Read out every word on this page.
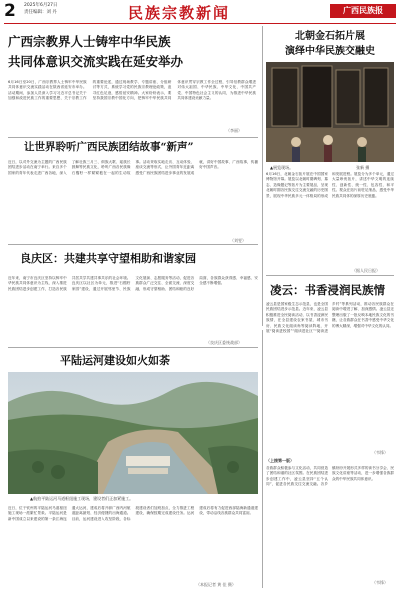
2 2025年6月27日
责任编辑：刘 丹	民族宗教新闻	广西民族报
广西宗教界人士铸牢中华民族
共同体意识交流实践在延安举办
6月16日至20日，广西宗教界人士铸牢中华民族共同体意识交流实践活动在陕西省延安市举办。活动期间，参加人员深入学习习近平总书记关于加强和改进民族工作的重要思想、关于宗教工作的重要论述，通过现场教学、专题讲座、分组研讨等方式，系统学习党的民族宗教理论政策，追寻红色足迹，感悟延安精神。大家纷纷表示，要坚持我国宗教中国化方向，把铸牢中华民族共同体意识贯穿宗教工作全过程，引导信教群众增进对伟大祖国、中华民族、中华文化、中国共产党、中国特色社会主义的认同，为推进中华民族共同体建设贡献力量。
（李丽）
北朝金石拓片展
演绎中华民族交融史
▲展览现场。	张新 摄
6月16日，北朝金石拓片展在中国国家博物馆开幕。展览以北朝时期碑刻、墓志、造像题记等拓片为主要展品，呈现北朝时期各民族交往交流交融的历史图景，展现中华民族多元一体格局的形成和发展进程。展览分为多个单元，通过大量珍贵拓片，讲述中华文明的连续性、创新性、统一性、包容性、和平性。观众在拓片前驻足细品，感受中华民族共同体的深厚历史底蕴。
（据人民日报）
让世界聆听广西民族团结故事“新声”
近日，以对外交流为主题的广西民族团结进步活动在南宁举行。来自多个国家的青年代表走进广西各地，深入了解壮族三月三、侗族大歌、瑶族长鼓舞等民族文化，聆听广西各民族像石榴籽一样紧紧抱在一起的生动故事。活动采取实地走访、互动体验、座谈交流等形式，让外国青年近距离感受广西民族团结进步事业的发展成就，讲好中国故事、广西故事，传播好中国声音。
（刘雯）
良庆区：共建共享守望相助和谐家园
近年来，南宁市良庆区坚持以铸牢中华民族共同体意识为主线，深入推进民族团结进步创建工作，打造各民族共居共学共建共事共乐的社会环境。良庆区以社区为单元，推进“石榴籽家园”建设，通过开展邻里节、民族文化展演、志愿服务等活动，促进各族群众广泛交往、全面交流、深度交融，形成守望相助、团结和睦的良好局面，各族群众获得感、幸福感、安全感不断增强。
（良庆区委统战部）
平陆运河建设如火如荼
▲航拍平陆运河马道枢纽施工现场，建设者们正加紧施工。
近日，位于钦州的平陆运河马道枢纽施工现场一派繁忙景象。平陆运河是新中国成立以来建设的第一条江海连通大运河，建成后将开辟广西内河航道距离最短、经济便捷的出海通道。目前，运河建设进入攻坚阶段，各标段建设者们加班加点，全力推进工程建设，确保按期完成建设任务。运河建成后将有力促进西部陆海新通道建设，带动沿线各族群众共同富裕。
（本报记者 黄 佳 摄）
凌云：书香浸润民族情
凌云县是国家级生态示范县，也是全国民族团结进步示范县。近年来，凌云县积极推进全民阅读活动，以书香浸润民族情，在全县建设农家书屋、城市书房、民族文化阅读角等阅读阵地，开展“阅读进校园”“阅读进社区”“阅读进乡村”等系列活动，推动各民族群众在阅读中增进了解、加深感情。凌云县还整理出版了一批反映本地民族文化的书籍，让各族群众在书香中感受中华文化的博大精深，增强对中华文化的认同。
（韦锋）
（上接第一版）
各族群众积极参与文化活动，共同营造了团结和谐的社区氛围。在民族团结进步创建工作中，凌云县坚持“五个认同”，促进各民族交往交流交融。各乡镇纷纷开展形式多样的读书分享会、民族文化讲座等活动，进一步增强各族群众的中华民族共同体意识。
（韦锋）
